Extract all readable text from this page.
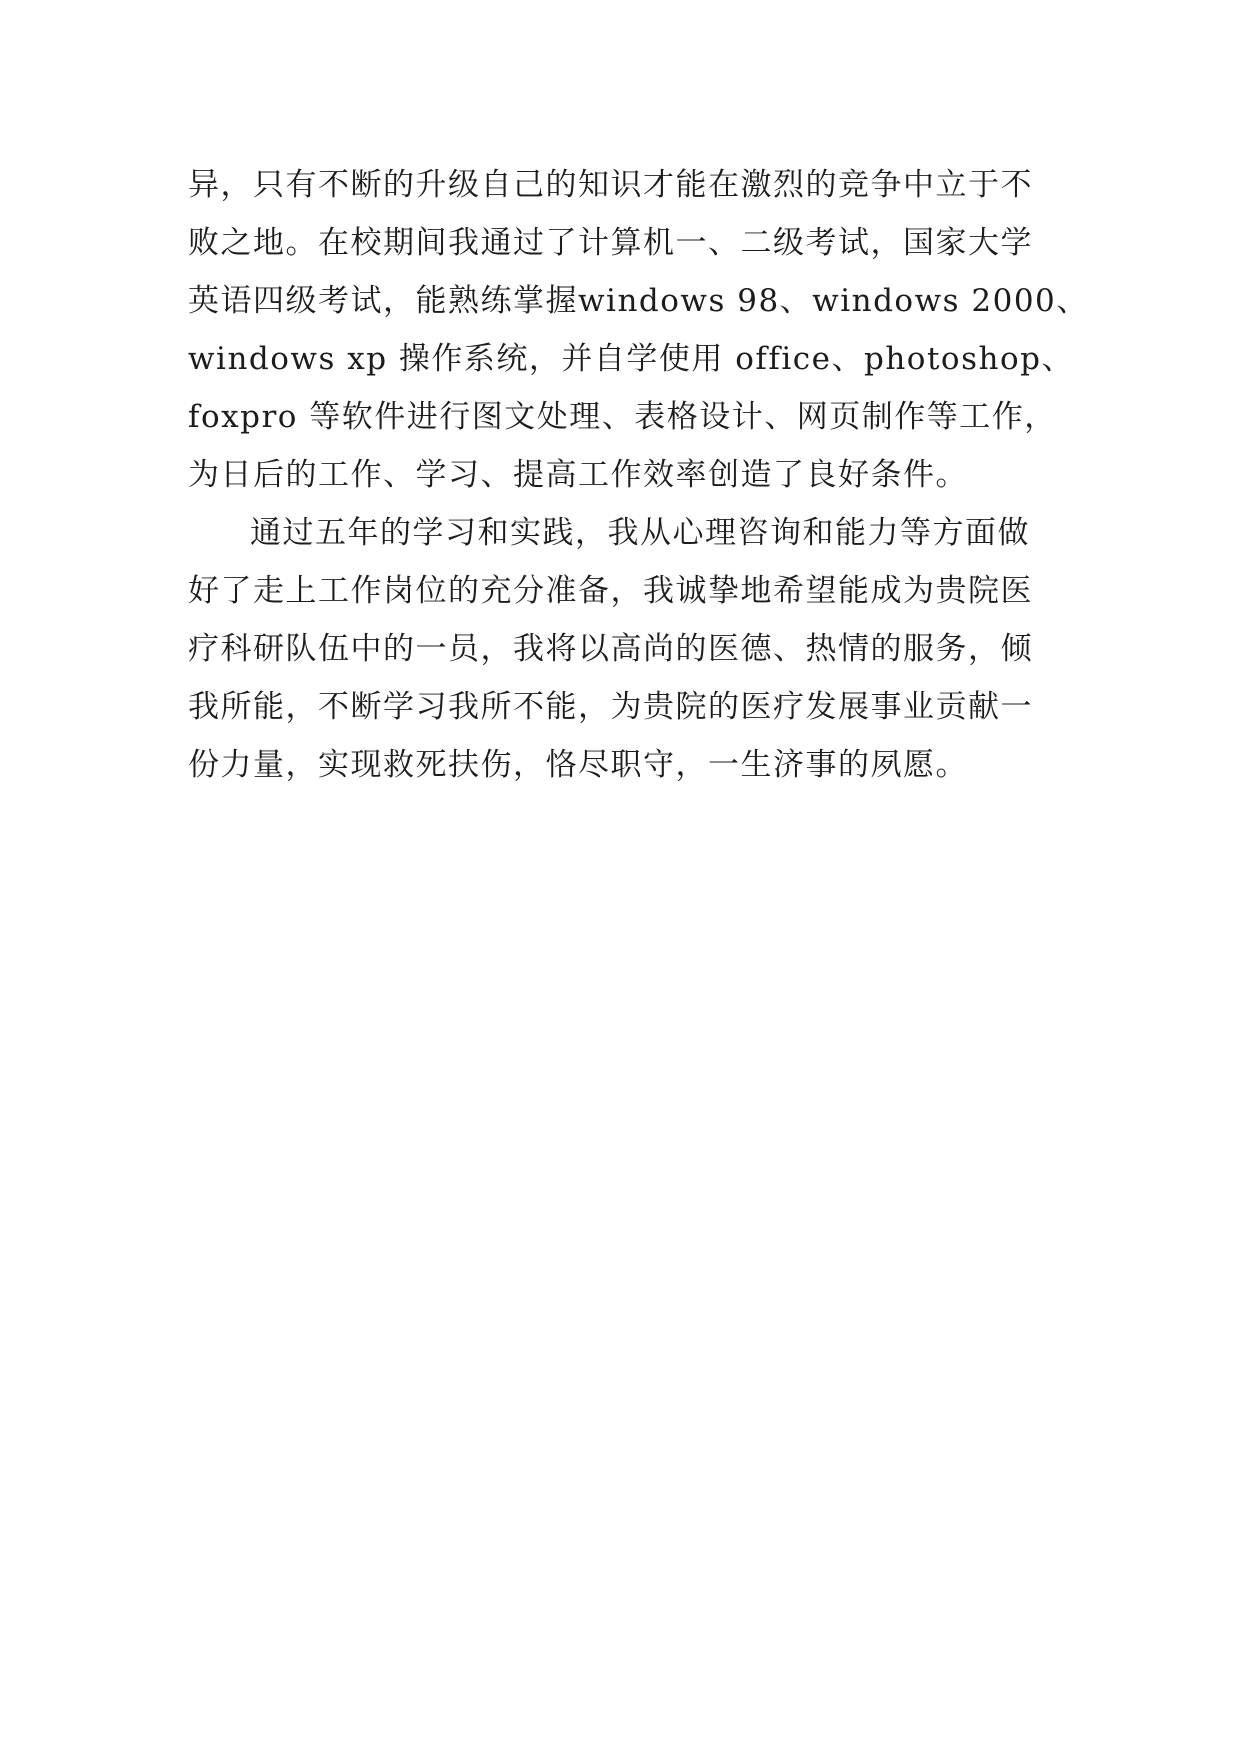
异，只有不断的升级自己的知识才能在激烈的竞争中立于不
败之地。在校期间我通过了计算机一、二级考试，国家大学
英语四级考试，能熟练掌握windows 98、windows 2000、
windows xp 操作系统，并自学使用 office、photoshop、
foxpro 等软件进行图文处理、表格设计、网页制作等工作，
为日后的工作、学习、提高工作效率创造了良好条件。
通过五年的学习和实践，我从心理咨询和能力等方面做
好了走上工作岗位的充分准备，我诚挚地希望能成为贵院医
疗科研队伍中的一员，我将以高尚的医德、热情的服务，倾
我所能，不断学习我所不能，为贵院的医疗发展事业贡献一
份力量，实现救死扶伤，恪尽职守，一生济事的夙愿。
